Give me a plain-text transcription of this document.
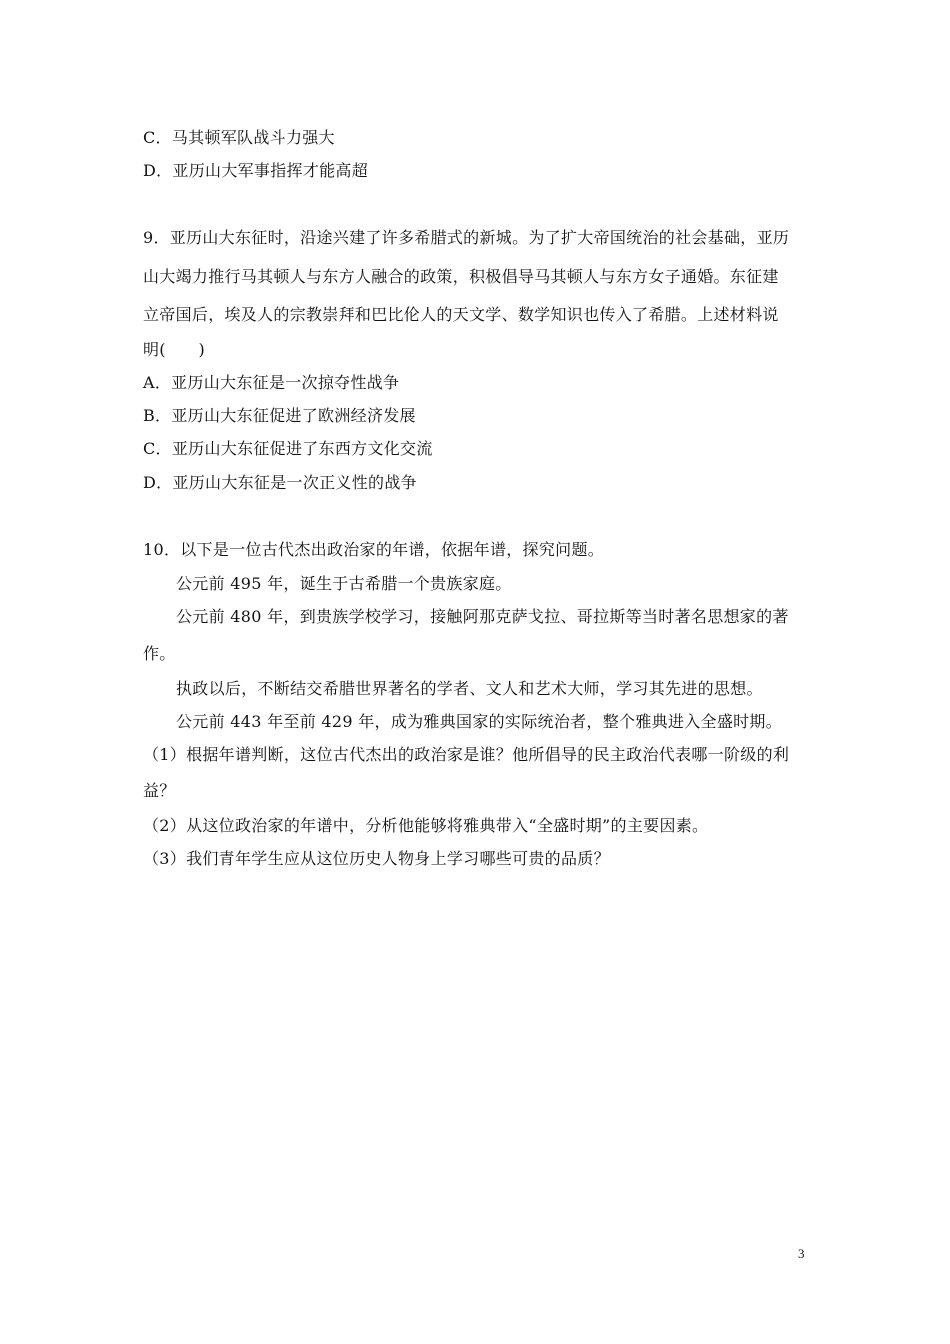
C．马其顿军队战斗力强大
D．亚历山大军事指挥才能高超
9．亚历山大东征时，沿途兴建了许多希腊式的新城。为了扩大帝国统治的社会基础，亚历
山大竭力推行马其顿人与东方人融合的政策，积极倡导马其顿人与东方女子通婚。东征建
立帝国后，埃及人的宗教崇拜和巴比伦人的天文学、数学知识也传入了希腊。上述材料说
明(　　)
A．亚历山大东征是一次掠夺性战争
B．亚历山大东征促进了欧洲经济发展
C．亚历山大东征促进了东西方文化交流
D．亚历山大东征是一次正义性的战争
10．以下是一位古代杰出政治家的年谱，依据年谱，探究问题。
公元前 495 年，诞生于古希腊一个贵族家庭。
公元前 480 年，到贵族学校学习，接触阿那克萨戈拉、哥拉斯等当时著名思想家的著
作。
执政以后，不断结交希腊世界著名的学者、文人和艺术大师，学习其先进的思想。
公元前 443 年至前 429 年，成为雅典国家的实际统治者，整个雅典进入全盛时期。
（1）根据年谱判断，这位古代杰出的政治家是谁？他所倡导的民主政治代表哪一阶级的利
益？
（2）从这位政治家的年谱中，分析他能够将雅典带入“全盛时期”的主要因素。
（3）我们青年学生应从这位历史人物身上学习哪些可贵的品质？
3
